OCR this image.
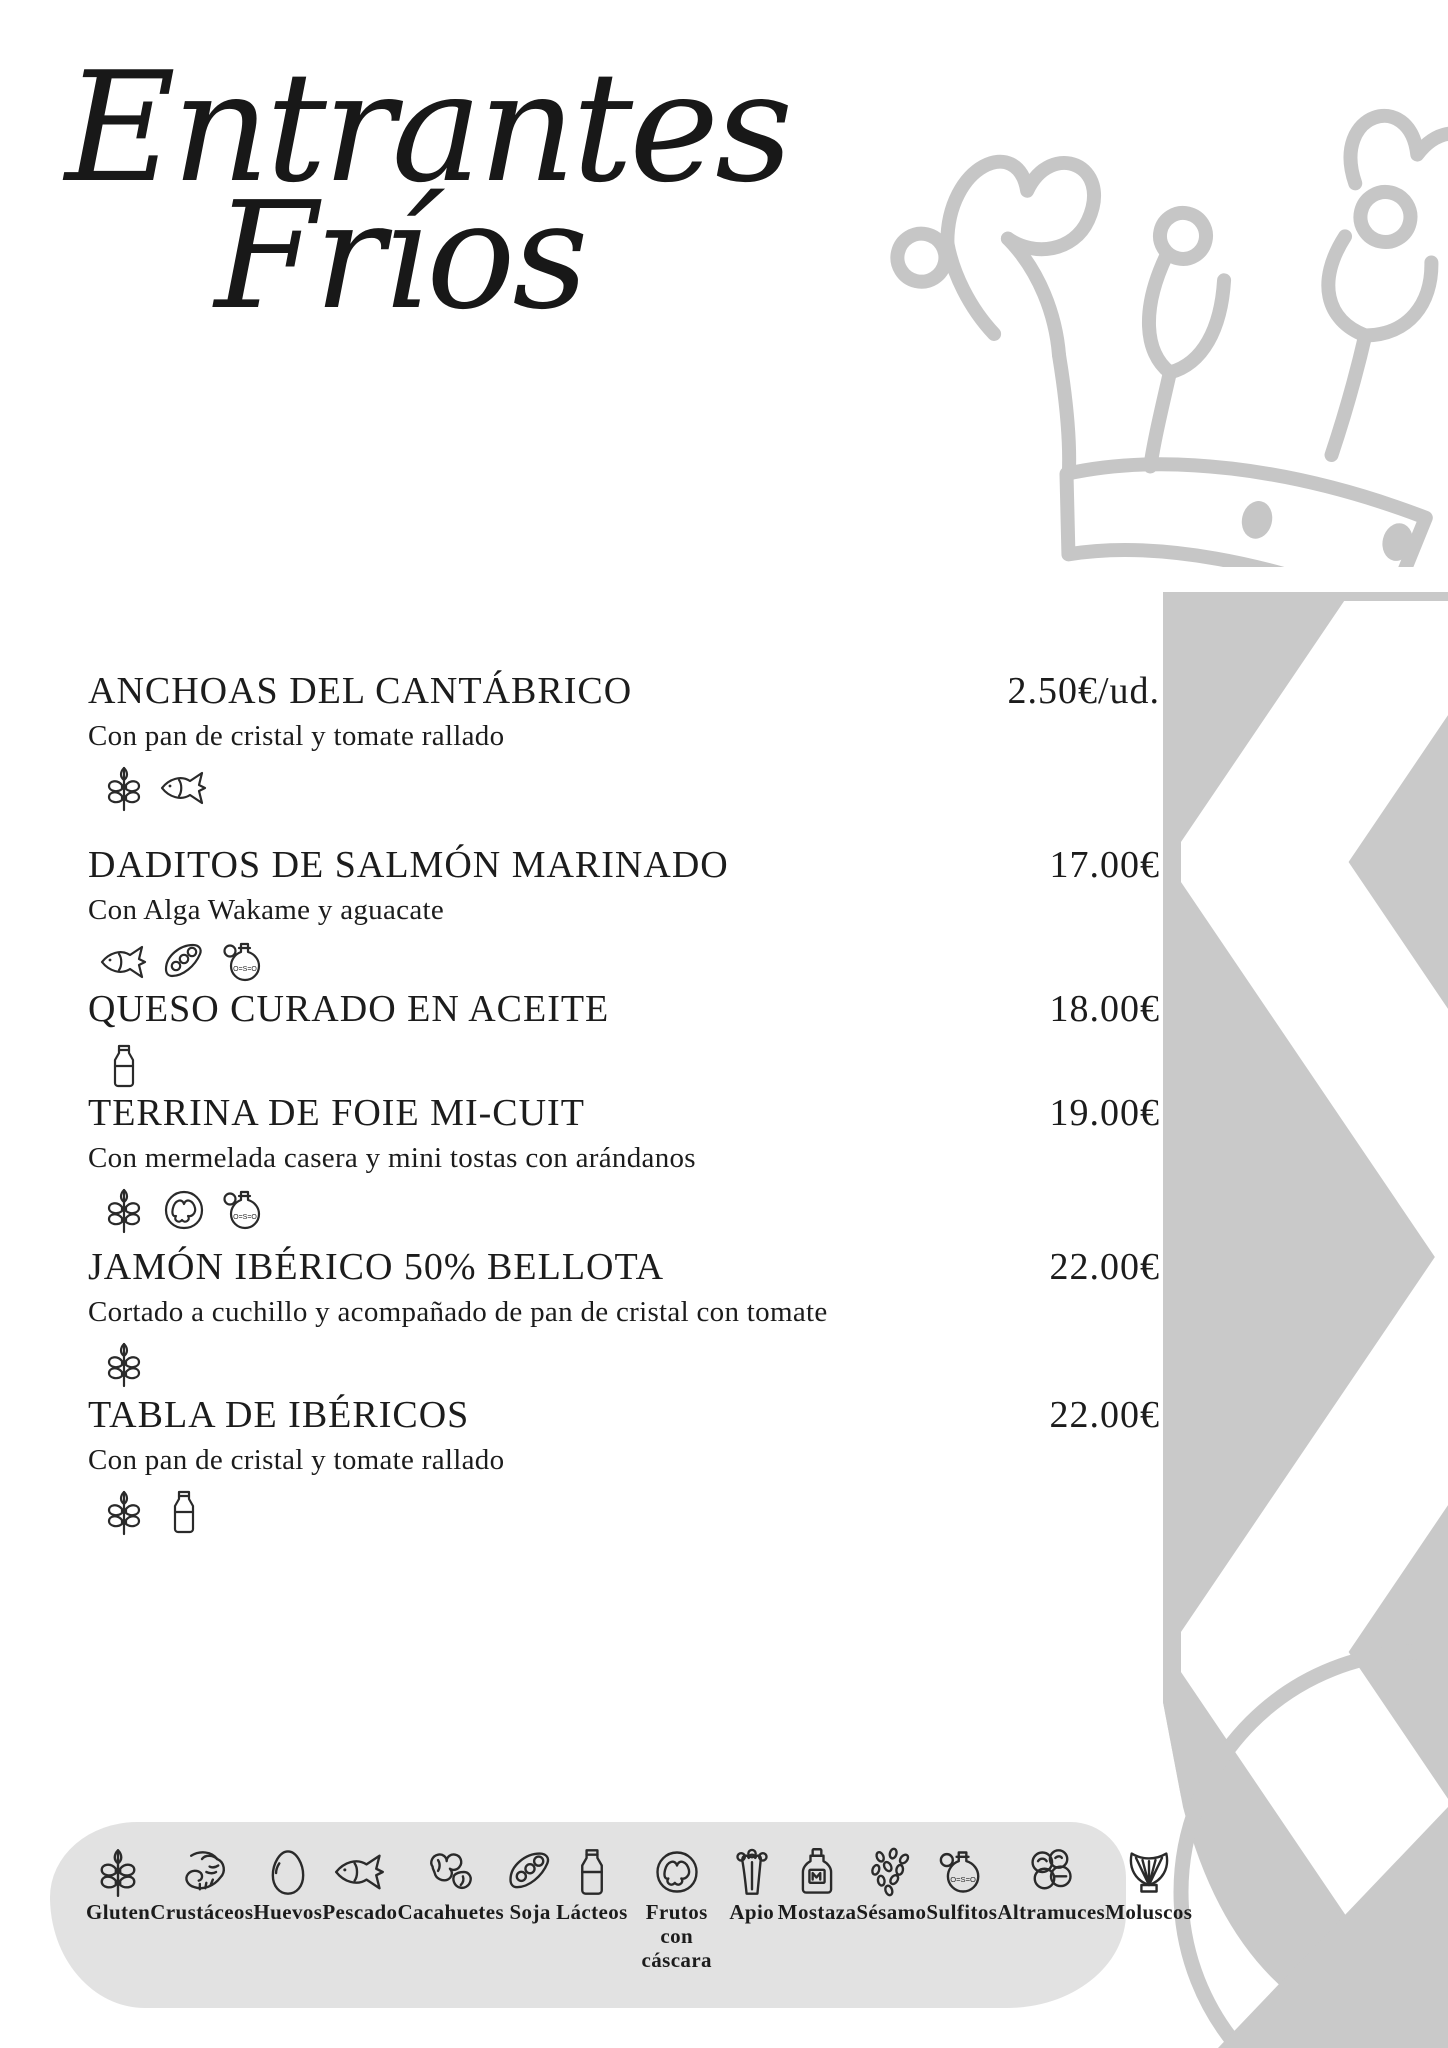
Entrantes
Fríos
ANCHOAS DEL CANTÁBRICO	2.50€/ud.

Con pan de cristal y tomate rallado

DADITOS DE SALMÓN MARINADO	17.00€

Con Alga Wakame y aguacate

QUESO CURADO EN ACEITE	18.00€
TERRINA DE FOIE MI-CUIT	19.00€

Con mermelada casera y mini tostas con arándanos

JAMÓN IBÉRICO 50% BELLOTA	22.00€

Cortado a cuchillo y acompañado de pan de cristal con tomate

TABLA DE IBÉRICOS	22.00€

Con pan de cristal y tomate rallado

Gluten Crustáceos Huevos Pescado Cacahuetes Soja Lácteos Frutos con cáscara
Apio Mostaza Sésamo Sulfitos Altramuces Moluscos
